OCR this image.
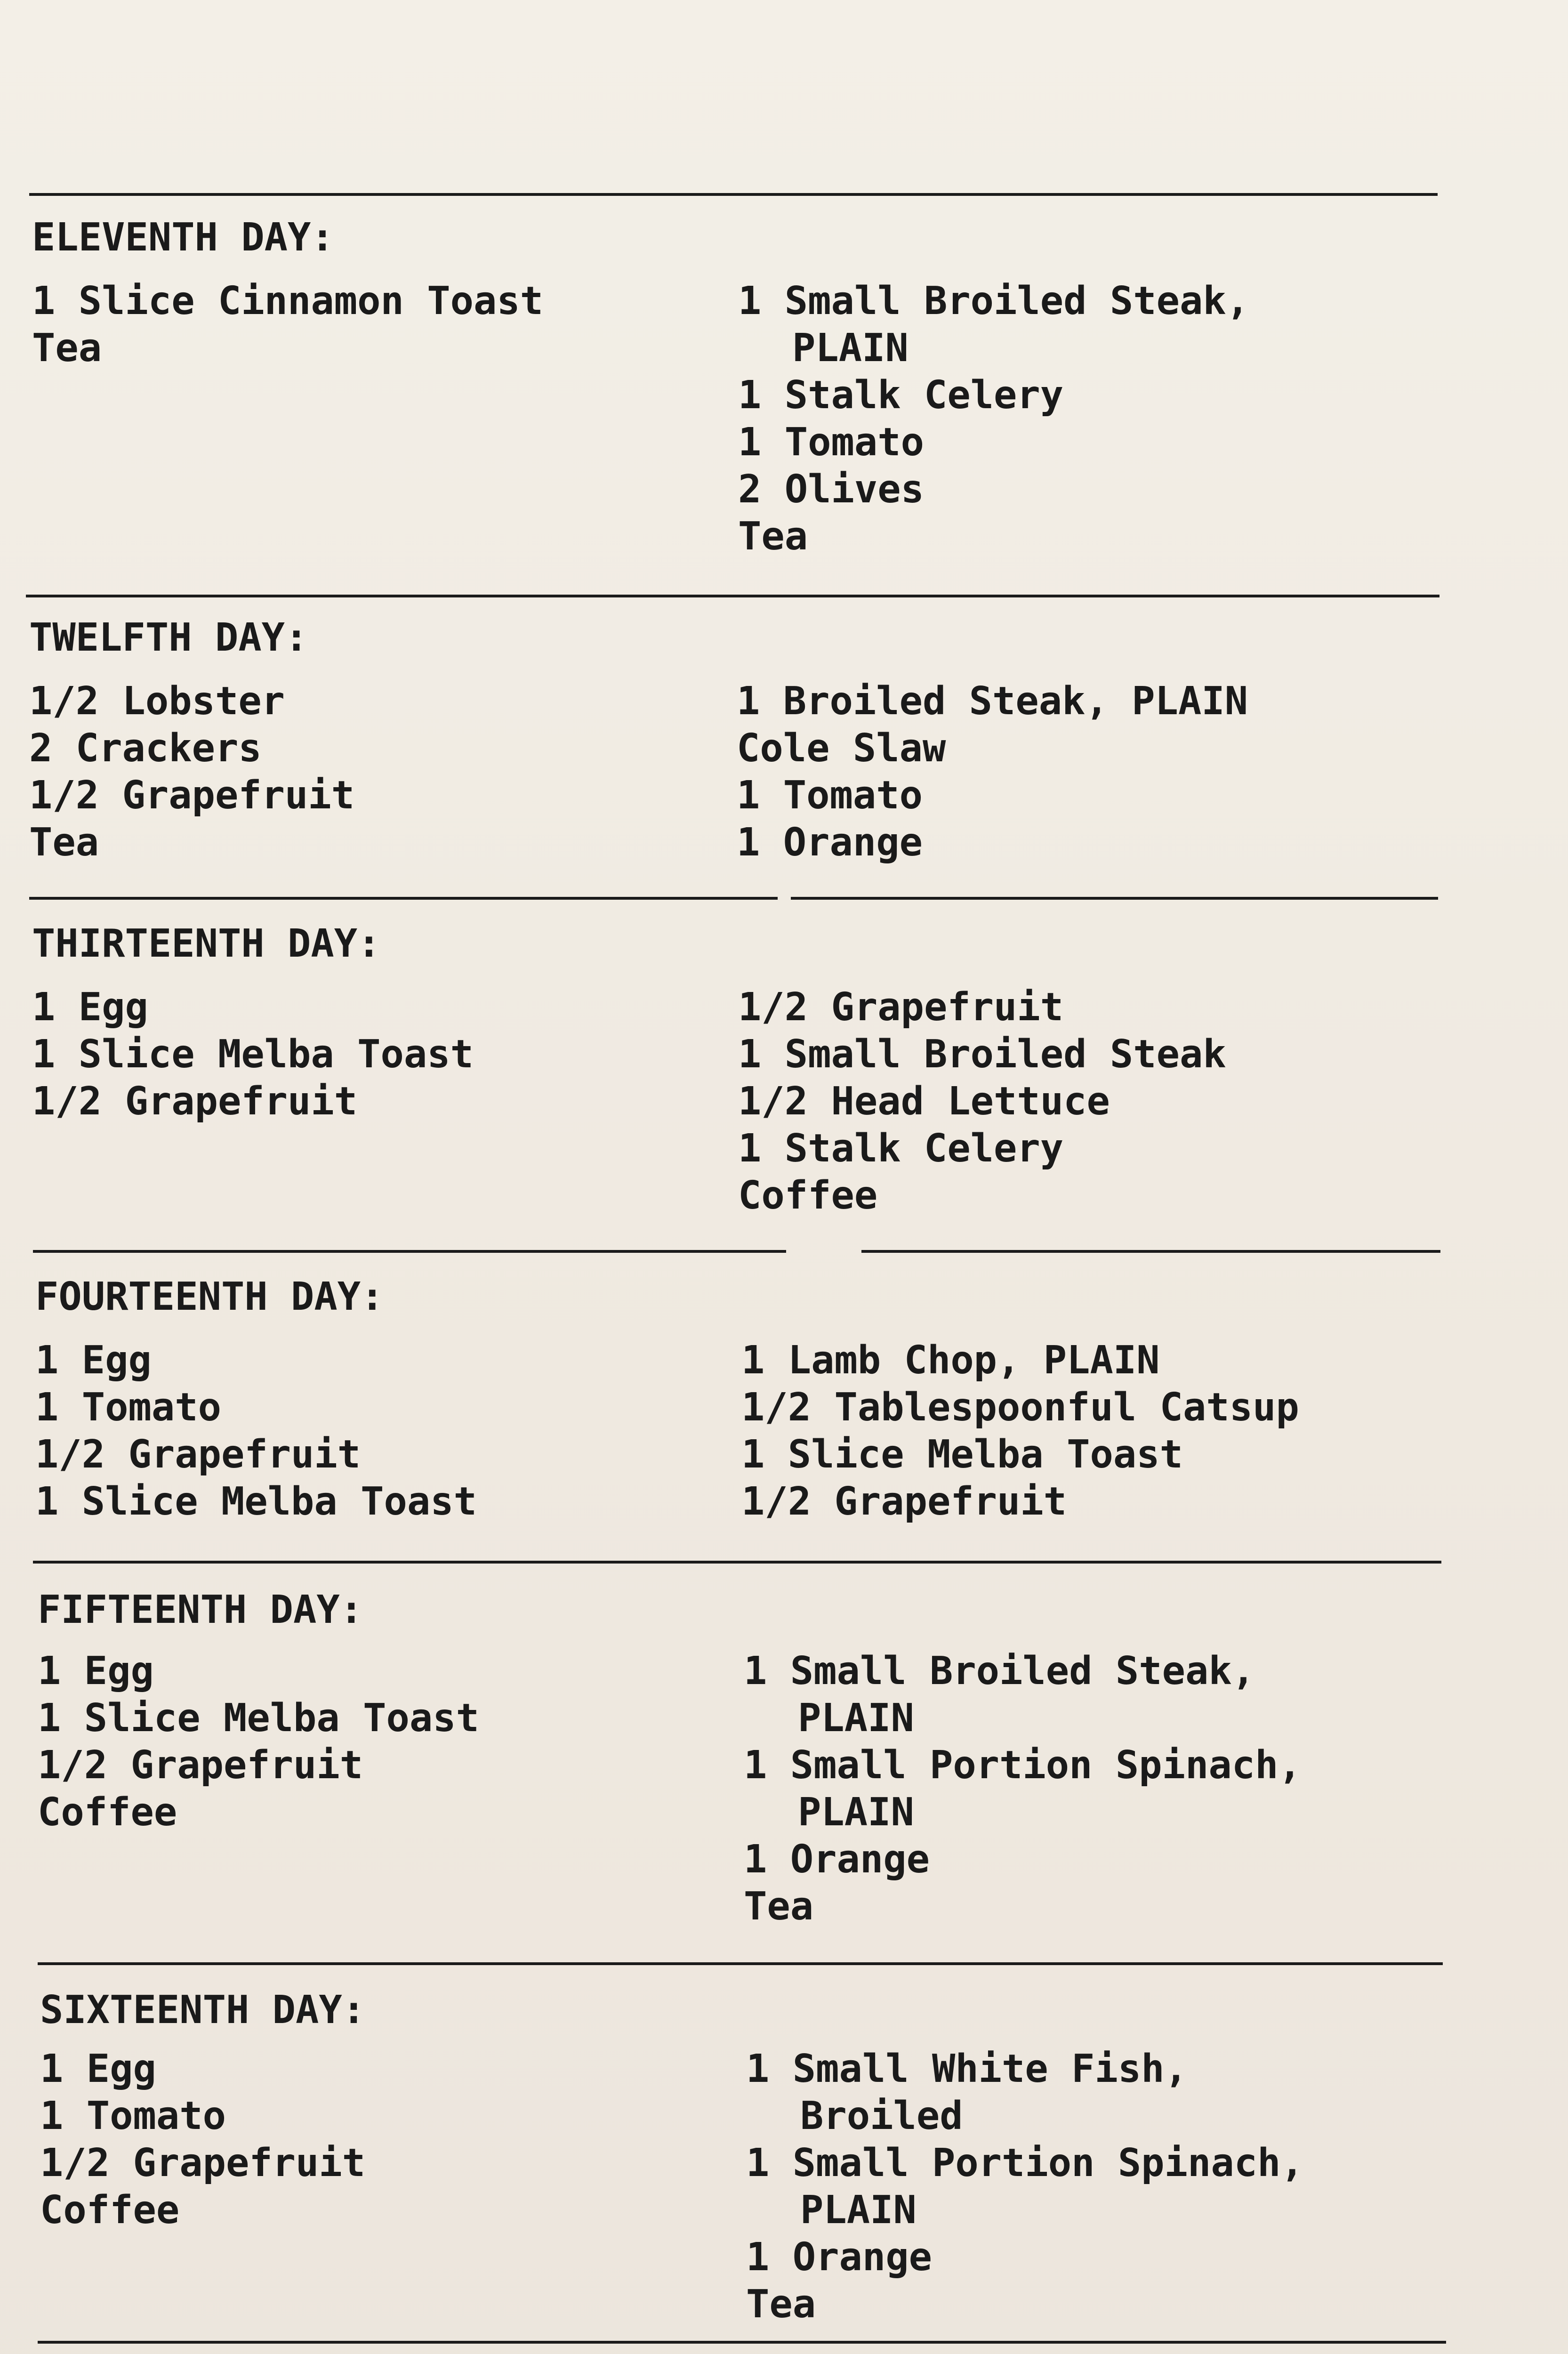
ELEVENTH DAY:
1 Slice Cinnamon Toast
Tea
1 Small Broiled Steak,
PLAIN
1 Stalk Celery
1 Tomato
2 Olives
Tea
TWELFTH DAY:
1/2 Lobster
2 Crackers
1/2 Grapefruit
Tea
1 Broiled Steak, PLAIN
Cole Slaw
1 Tomato
1 Orange
THIRTEENTH DAY:
1 Egg
1 Slice Melba Toast
1/2 Grapefruit
1/2 Grapefruit
1 Small Broiled Steak
1/2 Head Lettuce
1 Stalk Celery
Coffee
FOURTEENTH DAY:
1 Egg
1 Tomato
1/2 Grapefruit
1 Slice Melba Toast
1 Lamb Chop, PLAIN
1/2 Tablespoonful Catsup
1 Slice Melba Toast
1/2 Grapefruit
FIFTEENTH DAY:
1 Egg
1 Slice Melba Toast
1/2 Grapefruit
Coffee
1 Small Broiled Steak,
PLAIN
1 Small Portion Spinach,
PLAIN
1 Orange
Tea
SIXTEENTH DAY:
1 Egg
1 Tomato
1/2 Grapefruit
Coffee
1 Small White Fish,
Broiled
1 Small Portion Spinach,
PLAIN
1 Orange
Tea
